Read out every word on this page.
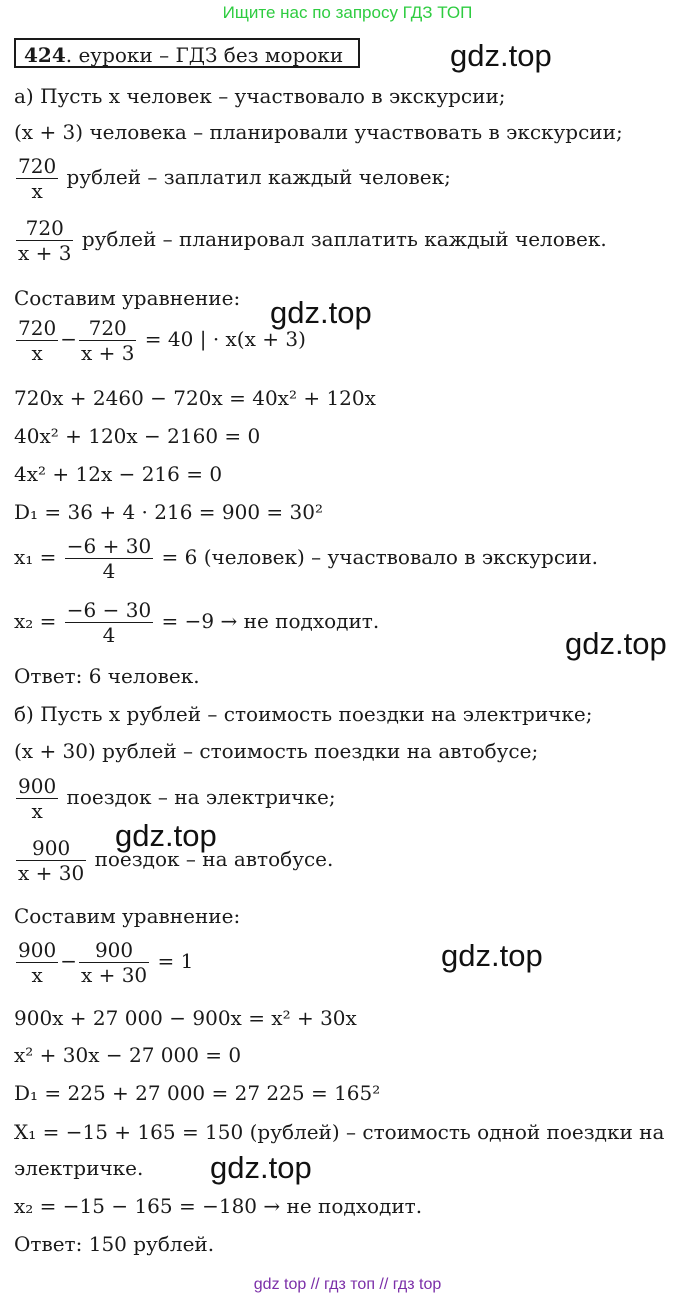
Ищите нас по запросу ГДЗ ТОП
424. еуроки – ГДЗ без мороки	gdz.top
gdz.top
gdz.top
gdz.top
gdz.top
gdz.top
а) Пусть x человек – участвовало в экскурсии;
(x + 3) человека – планировали участвовать в экскурсии;
$\frac{720}{x}$ рублей – заплатил каждый человек;
$\frac{720}{x + 3}$ рублей – планировал заплатить каждый человек.
Составим уравнение:
$\frac{720}{x} - \frac{720}{x + 3} = 40$ | · x(x + 3)
720x + 2460 − 720x = 40x² + 120x
40x² + 120x − 2160 = 0
4x² + 12x − 216 = 0
D₁ = 36 + 4 · 216 = 900 = 30²
$x_1 = \frac{-6 + 30}{4} = 6$ (человек) – участвовало в экскурсии.
$x_2 = \frac{-6 - 30}{4} = -9$ → не подходит.
Ответ: 6 человек.
б) Пусть x рублей – стоимость поездки на электричке;
(x + 30) рублей – стоимость поездки на автобусе;
$\frac{900}{x}$ поездок – на электричке;
$\frac{900}{x + 30}$ поездок – на автобусе.
Составим уравнение:
$\frac{900}{x} - \frac{900}{x + 30} = 1$
900x + 27 000 − 900x = x² + 30x
x² + 30x − 27 000 = 0
D₁ = 225 + 27 000 = 27 225 = 165²
X₁ = −15 + 165 = 150 (рублей) – стоимость одной поездки на
электричке.
x₂ = −15 − 165 = −180 → не подходит.
Ответ: 150 рублей.
gdz top // гдз топ // гдз top
